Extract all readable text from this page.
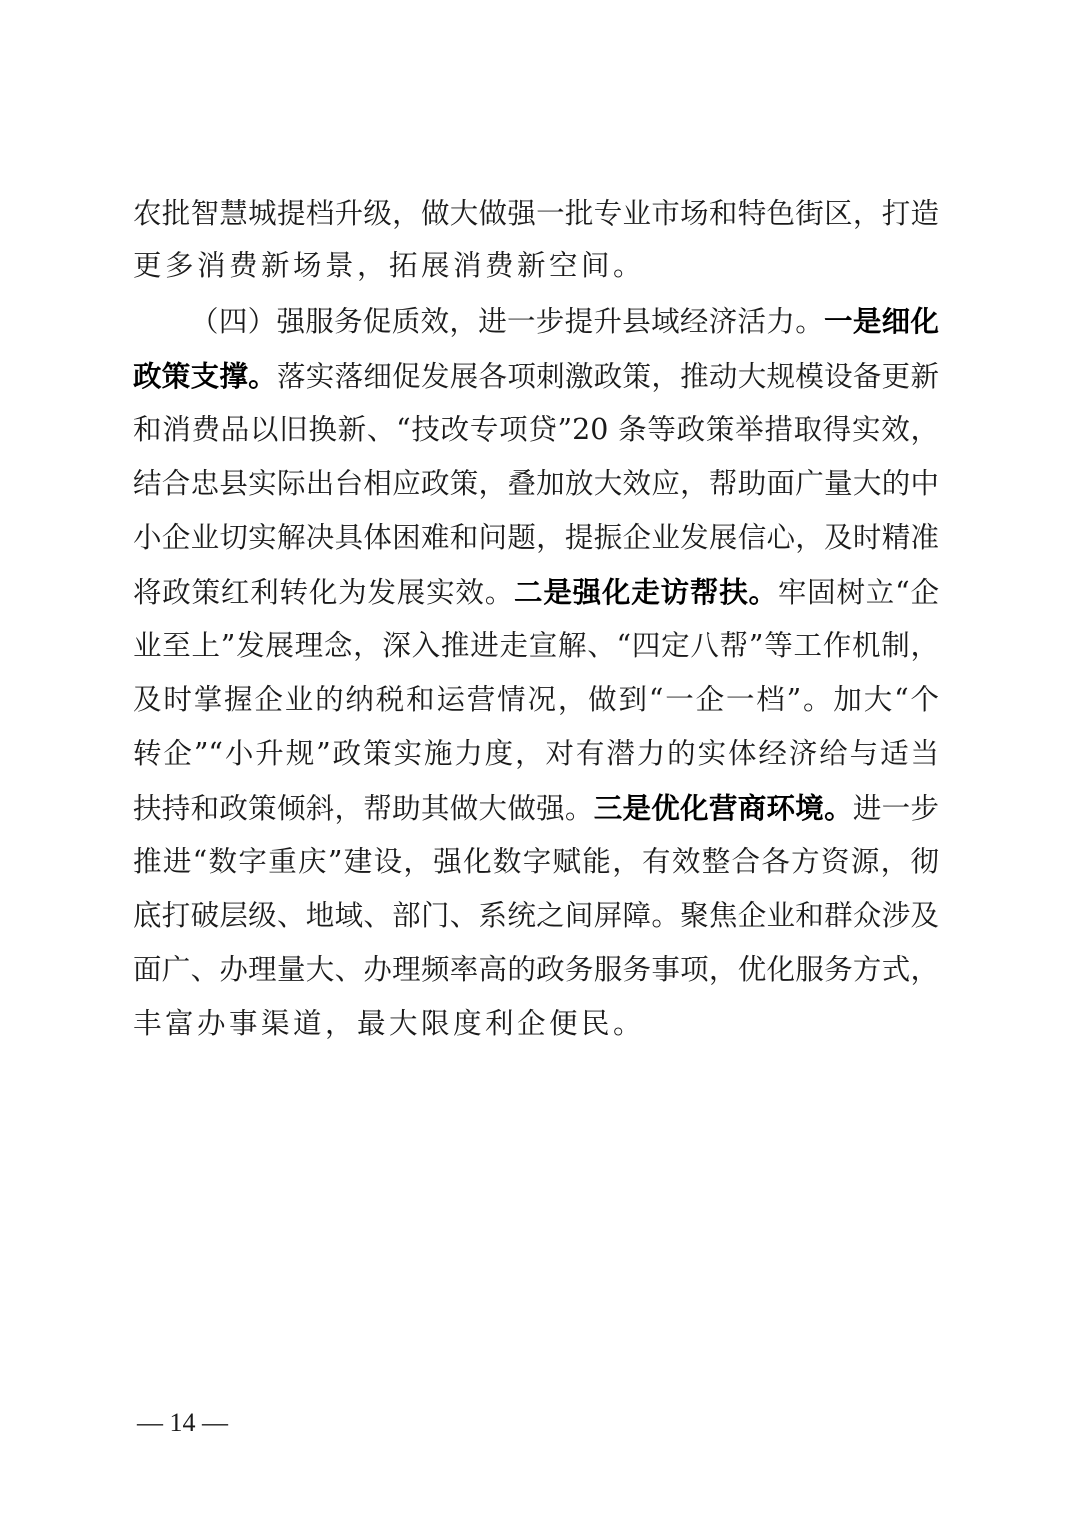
农批智慧城提档升级，做大做强一批专业市场和特色街区，打造
更多消费新场景，拓展消费新空间。
（四）强服务促质效，进一步提升县域经济活力。一是细化
政策支撑。落实落细促发展各项刺激政策，推动大规模设备更新
和消费品以旧换新、“技改专项贷”20 条等政策举措取得实效，
结合忠县实际出台相应政策，叠加放大效应，帮助面广量大的中
小企业切实解决具体困难和问题，提振企业发展信心，及时精准
将政策红利转化为发展实效。二是强化走访帮扶。牢固树立“企
业至上”发展理念，深入推进走宣解、“四定八帮”等工作机制，
及时掌握企业的纳税和运营情况，做到“一企一档”。加大“个
转企”“小升规”政策实施力度，对有潜力的实体经济给与适当
扶持和政策倾斜，帮助其做大做强。三是优化营商环境。进一步
推进“数字重庆”建设，强化数字赋能，有效整合各方资源，彻
底打破层级、地域、部门、系统之间屏障。聚焦企业和群众涉及
面广、办理量大、办理频率高的政务服务事项，优化服务方式，
丰富办事渠道，最大限度利企便民。
— 14 —
